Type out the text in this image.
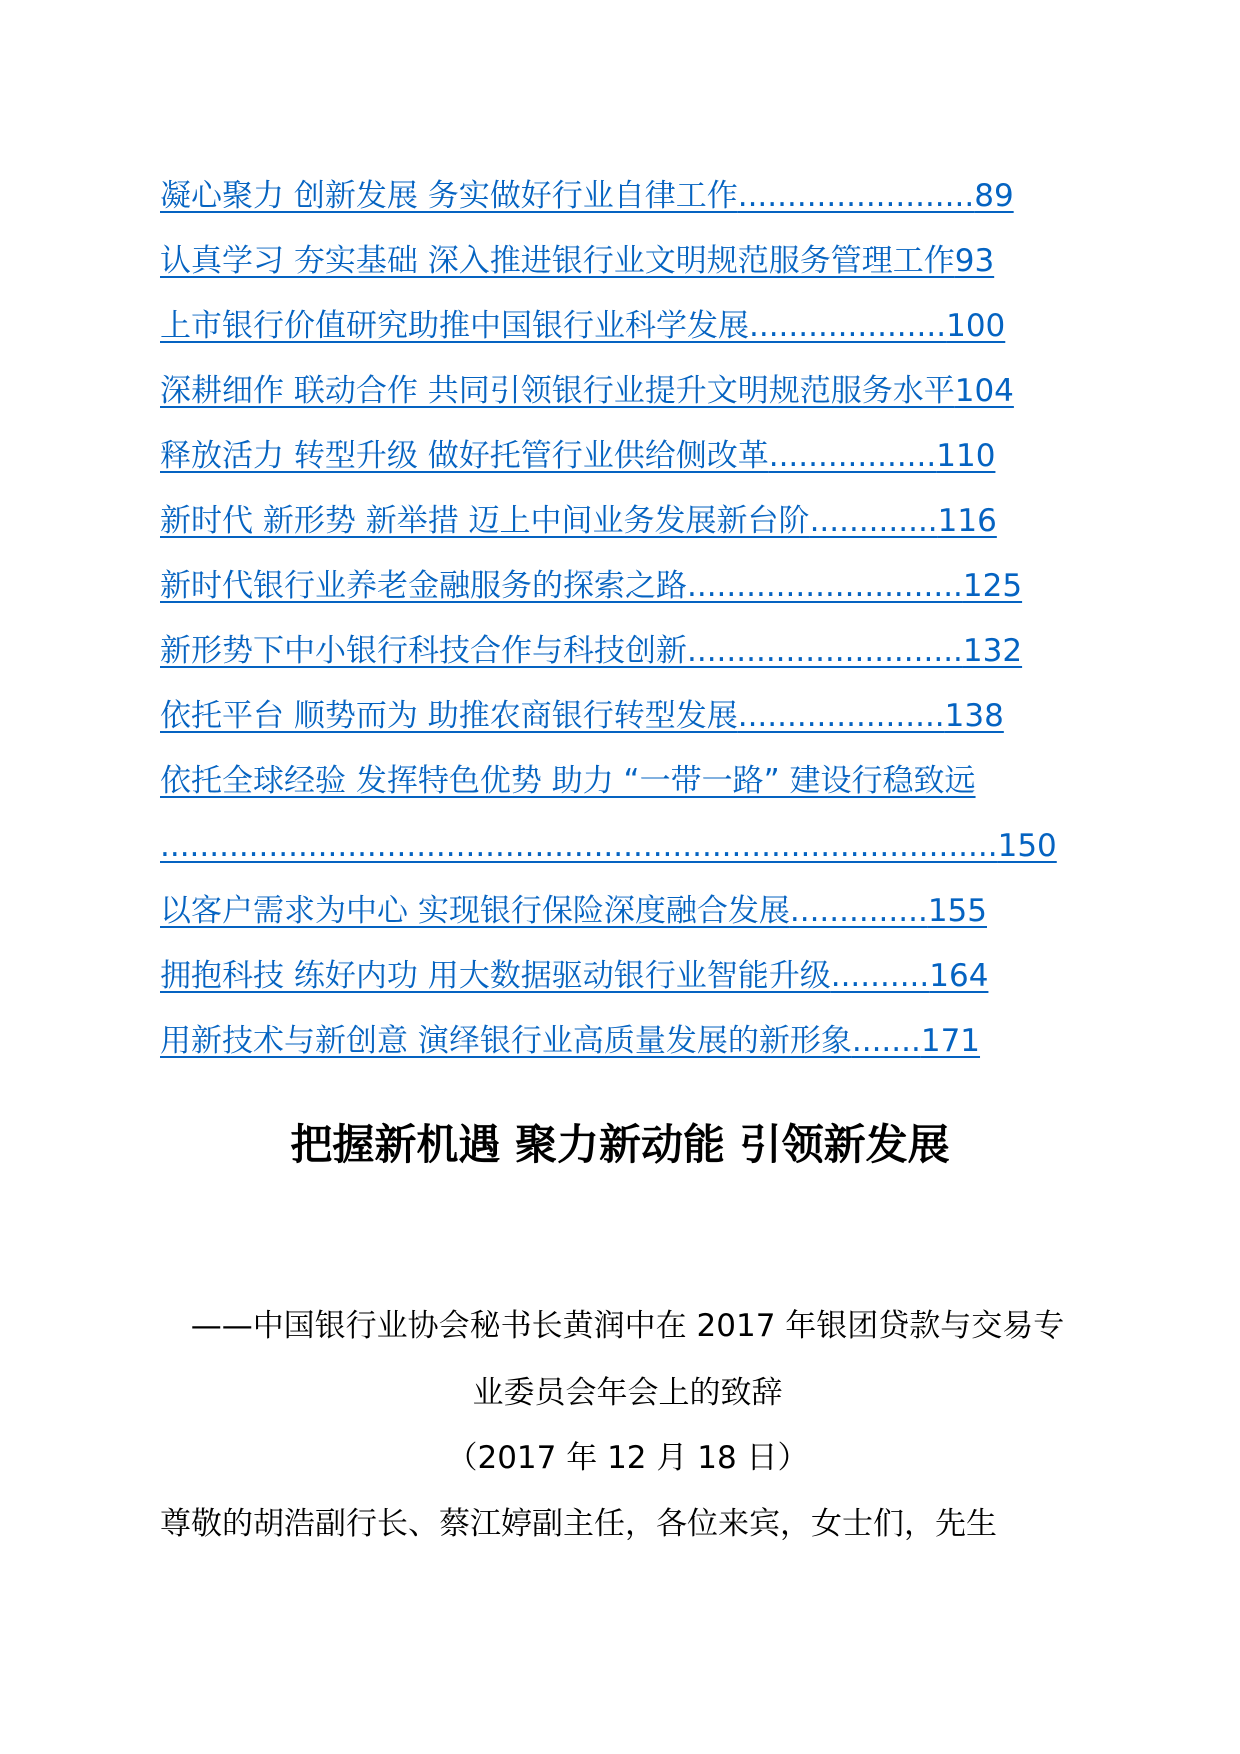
凝心聚力 创新发展 务实做好行业自律工作........................89
认真学习 夯实基础 深入推进银行业文明规范服务管理工作93
上市银行价值研究助推中国银行业科学发展....................100
深耕细作 联动合作 共同引领银行业提升文明规范服务水平104
释放活力 转型升级 做好托管行业供给侧改革.................110
新时代 新形势 新举措 迈上中间业务发展新台阶.............116
新时代银行业养老金融服务的探索之路............................125
新形势下中小银行科技合作与科技创新............................132
依托平台 顺势而为 助推农商银行转型发展.....................138
依托全球经验 发挥特色优势 助力 “一带一路” 建设行稳致远
.....................................................................................150
以客户需求为中心 实现银行保险深度融合发展..............155
拥抱科技 练好内功 用大数据驱动银行业智能升级..........164
用新技术与新创意 演绎银行业高质量发展的新形象.......171
把握新机遇 聚力新动能 引领新发展
——中国银行业协会秘书长黄润中在 2017 年银团贷款与交易专
业委员会年会上的致辞
（2017 年 12 月 18 日）
尊敬的胡浩副行长、蔡江婷副主任，各位来宾，女士们，先生
